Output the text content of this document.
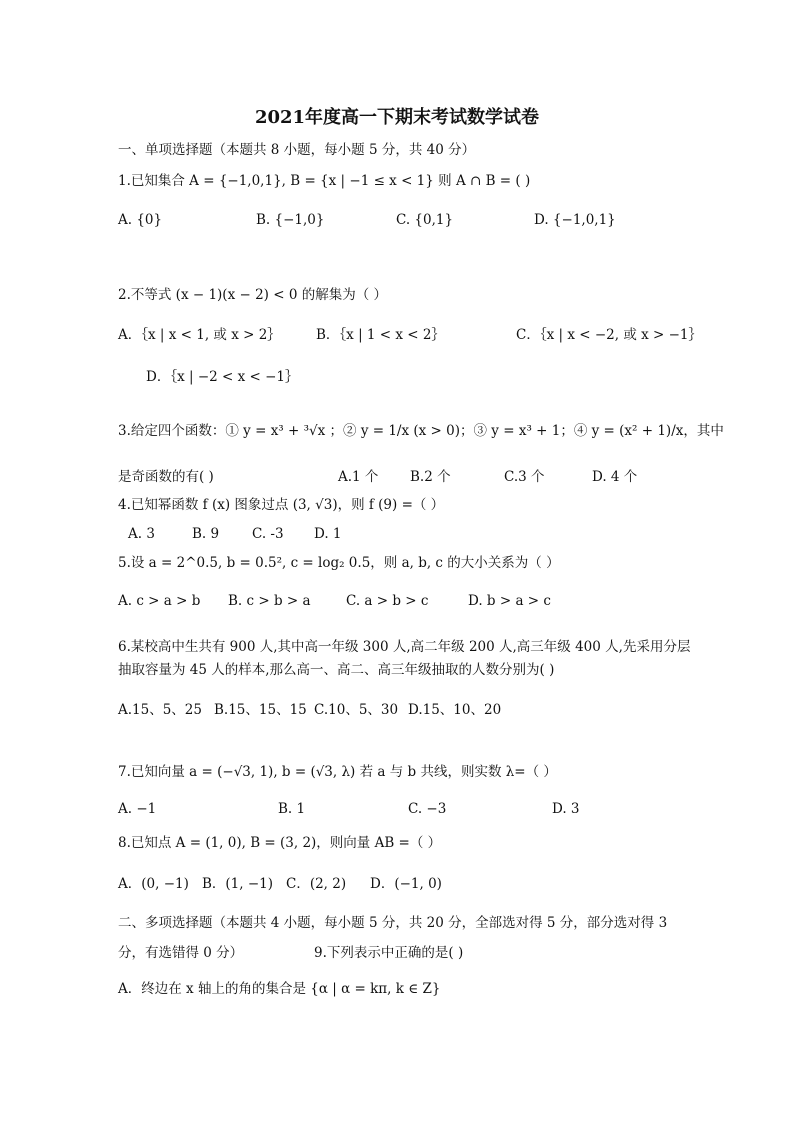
2021年度高一下期末考试数学试卷
一、单项选择题（本题共 8 小题，每小题 5 分，共 40 分）
1.已知集合 A = {−1,0,1}, B = {x | −1 ≤ x < 1} 则 A ∩ B = ( )
A. {0}	B. {−1,0}	C. {0,1}	D. {−1,0,1}
2.不等式 (x − 1)(x − 2) < 0 的解集为（ ）
A．｛x | x < 1, 或 x > 2｝	B．｛x | 1 < x < 2｝	C．｛x | x < −2, 或 x > −1｝
D．｛x | −2 < x < −1｝
3.给定四个函数：① y = x³ + ³√x ；② y = 1/x (x > 0)；③ y = x³ + 1；④ y = (x² + 1)/x，其中
是奇函数的有( )	A.1 个 B.2 个	C.3 个	D. 4 个
4.已知幂函数 f (x) 图象过点 (3, √3)，则 f (9) =（ ）
A. 3	B. 9 C. -3 D. 1
5.设 a = 2^0.5, b = 0.5², c = log₂ 0.5，则 a, b, c 的大小关系为（ ）
A. c > a > b B. c > b > a	C. a > b > c	D. b > a > c
6.某校高中生共有 900 人,其中高一年级 300 人,高二年级 200 人,高三年级 400 人,先采用分层
抽取容量为 45 人的样本,那么高一、高二、高三年级抽取的人数分别为( )
A.15、5、25 B.15、15、15 C.10、5、30 D.15、10、20
7.已知向量 a = (−√3, 1), b = (√3, λ) 若 a 与 b 共线，则实数 λ=（ ）
A. −1	B. 1	C. −3	D. 3
8.已知点 A = (1, 0), B = (3, 2)，则向量 AB =（ ）
A．(0, −1) B．(1, −1) C．(2, 2) D．(−1, 0)
二、多项选择题（本题共 4 小题，每小题 5 分，共 20 分，全部选对得 5 分，部分选对得 3
分，有选错得 0 分）	9.下列表示中正确的是( )
A．终边在 x 轴上的角的集合是 {α | α = kπ, k ∈ Z}
